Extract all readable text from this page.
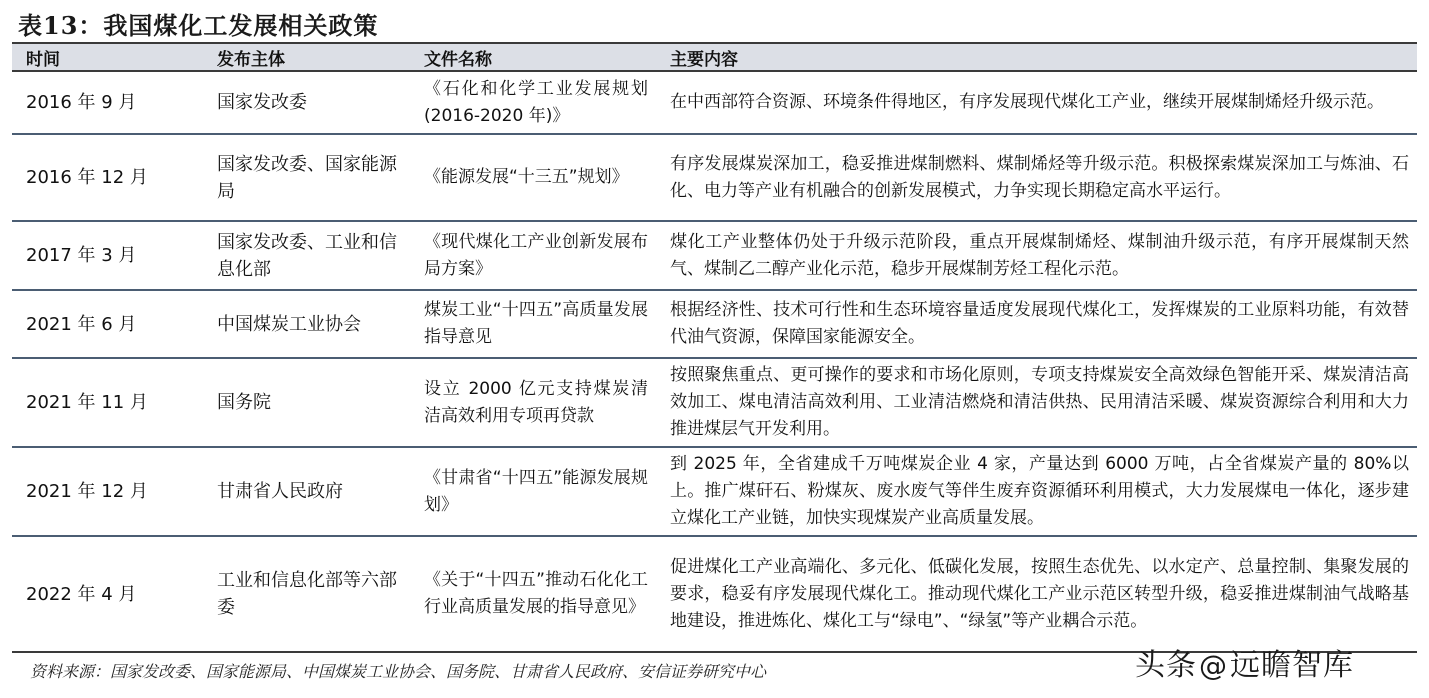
表13：我国煤化工发展相关政策
时间	发布主体	文件名称	主要内容
2016 年 9 月	国家发改委	《石化和化学工业发展规划(2016-2020 年)》	在中西部符合资源、环境条件得地区，有序发展现代煤化工产业，继续开展煤制烯烃升级示范。
2016 年 12 月	国家发改委、国家能源局	《能源发展“十三五”规划》	有序发展煤炭深加工，稳妥推进煤制燃料、煤制烯烃等升级示范。积极探索煤炭深加工与炼油、石化、电力等产业有机融合的创新发展模式，力争实现长期稳定高水平运行。
2017 年 3 月	国家发改委、工业和信息化部	《现代煤化工产业创新发展布局方案》	煤化工产业整体仍处于升级示范阶段，重点开展煤制烯烃、煤制油升级示范，有序开展煤制天然气、煤制乙二醇产业化示范，稳步开展煤制芳烃工程化示范。
2021 年 6 月	中国煤炭工业协会	煤炭工业“十四五”高质量发展指导意见	根据经济性、技术可行性和生态环境容量适度发展现代煤化工，发挥煤炭的工业原料功能，有效替代油气资源，保障国家能源安全。
2021 年 11 月	国务院	设立 2000 亿元支持煤炭清洁高效利用专项再贷款	按照聚焦重点、更可操作的要求和市场化原则，专项支持煤炭安全高效绿色智能开采、煤炭清洁高效加工、煤电清洁高效利用、工业清洁燃烧和清洁供热、民用清洁采暖、煤炭资源综合利用和大力推进煤层气开发利用。
2021 年 12 月	甘肃省人民政府	《甘肃省“十四五”能源发展规划》	到 2025 年，全省建成千万吨煤炭企业 4 家，产量达到 6000 万吨，占全省煤炭产量的 80%以上。推广煤矸石、粉煤灰、废水废气等伴生废弃资源循环利用模式，大力发展煤电一体化，逐步建立煤化工产业链，加快实现煤炭产业高质量发展。
2022 年 4 月	工业和信息化部等六部委	《关于“十四五”推动石化化工行业高质量发展的指导意见》	促进煤化工产业高端化、多元化、低碳化发展，按照生态优先、以水定产、总量控制、集聚发展的要求，稳妥有序发展现代煤化工。推动现代煤化工产业示范区转型升级，稳妥推进煤制油气战略基地建设，推进炼化、煤化工与“绿电”、“绿氢”等产业耦合示范。
资料来源：国家发改委、国家能源局、中国煤炭工业协会、国务院、甘肃省人民政府、安信证券研究中心	头条@远瞻智库
